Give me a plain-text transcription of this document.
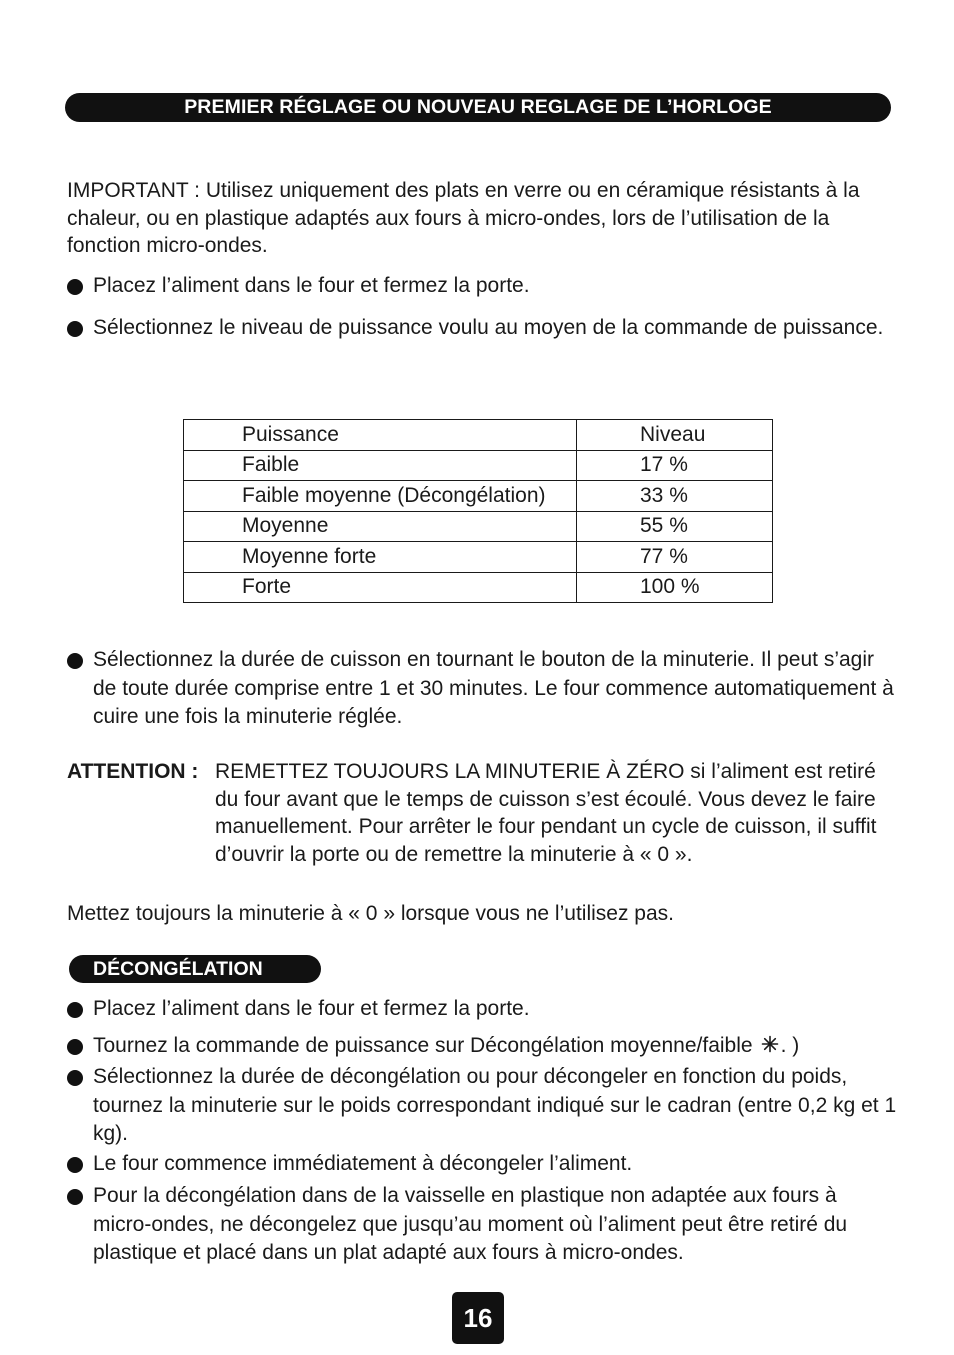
PREMIER RÉGLAGE OU NOUVEAU REGLAGE DE L’HORLOGE
IMPORTANT : Utilisez uniquement des plats en verre ou en céramique résistants à la chaleur, ou en plastique adaptés aux fours à micro-ondes, lors de l’utilisation de la fonction micro-ondes.
Placez l’aliment dans le four et fermez la porte.
Sélectionnez le niveau de puissance voulu au moyen de la commande de puissance.
Puissance	Niveau
Faible	17 %
Faible moyenne (Décongélation)	33 %
Moyenne	55 %
Moyenne forte	77 %
Forte	100 %
Sélectionnez la durée de cuisson en tournant le bouton de la minuterie. Il peut s’agir de toute durée comprise entre 1 et 30 minutes. Le four commence automatiquement à cuire une fois la minuterie réglée.
ATTENTION : REMETTEZ TOUJOURS LA MINUTERIE À ZÉRO si l’aliment est retiré du four avant que le temps de cuisson s’est écoulé. Vous devez le faire manuellement. Pour arrêter le four pendant un cycle de cuisson, il suffit d’ouvrir la porte ou de remettre la minuterie à « 0 ».
Mettez toujours la minuterie à « 0 » lorsque vous ne l’utilisez pas.
DÉCONGÉLATION
Placez l’aliment dans le four et fermez la porte.
Tournez la commande de puissance sur Décongélation moyenne/faible . )
Sélectionnez la durée de décongélation ou pour décongeler en fonction du poids, tournez la minuterie sur le poids correspondant indiqué sur le cadran (entre 0,2 kg et 1 kg).
Le four commence immédiatement à décongeler l’aliment.
Pour la décongélation dans de la vaisselle en plastique non adaptée aux fours à micro-ondes, ne décongelez que jusqu’au moment où l’aliment peut être retiré du plastique et placé dans un plat adapté aux fours à micro-ondes.
16
